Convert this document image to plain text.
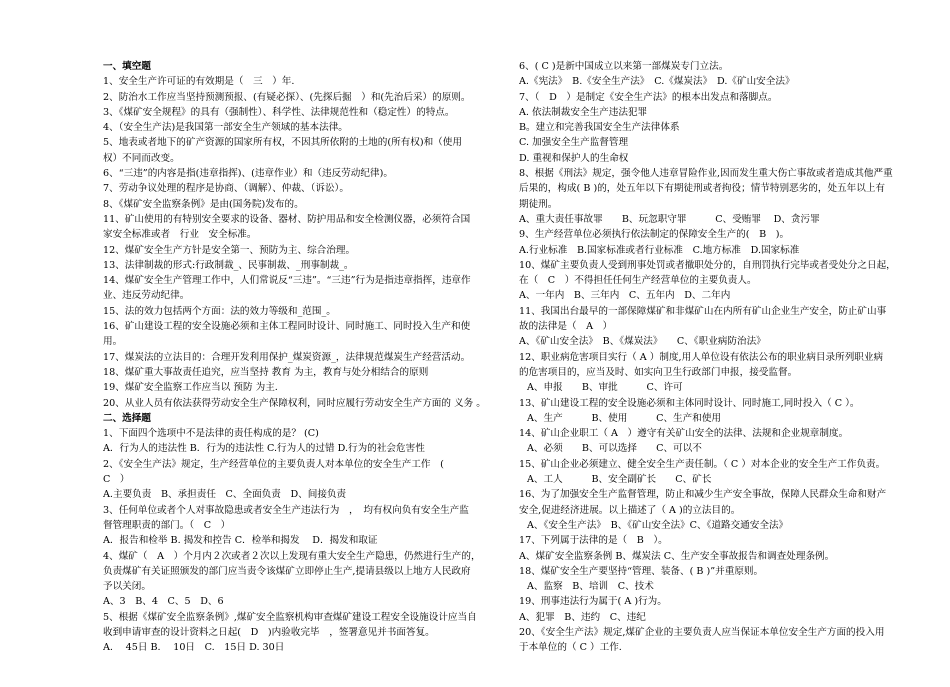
一、填空题
1、安全生产许可证的有效期是（　三　）年.
2、防治水工作应当坚持预测预报、(有疑必探）、(先探后掘　）和(先治后采）的原则。
3、《煤矿安全规程》的具有（强制性）、科学性、法律规范性和（稳定性）的特点。
4、（安全生产法)是我国第一部安全生产领域的基本法律。
5、地表或者地下的矿产资源的国家所有权，不因其所依附的土地的(所有权)和（使用
权）不同而改变。
6、“三违”的内容是指(违章指挥)、(违章作业）和（违反劳动纪律)。
7、劳动争议处理的程序是协商、（调解）、仲裁、（诉讼）。
8、《煤矿安全监察条例》是由(国务院)发布的。
11、矿山使用的有特别安全要求的设备、器材、防护用品和安全检测仪器，必须符合国
家安全标准或者　行业　安全标准。
12、煤矿安全生产方针是安全第一、预防为主、综合治理。
13、法律制裁的形式:行政制裁_、民事制裁、_刑事制裁_。
14、煤矿安全生产管理工作中，人们常说反“三违”。“三违”行为是指违章指挥，违章作
业、违反劳动纪律。
15、法的效力包括两个方面：法的效力等级和_范围_。
16、矿山建设工程的安全设施必须和主体工程同时设计、同时施工、同时投入生产和使
用。
17、煤炭法的立法目的：合理开发利用保护_煤炭资源_，法律规范煤炭生产经营活动。
18、煤矿重大事故责任追究，应当坚持 教育 为主，教育与处分相结合的原则
19、煤矿安全监察工作应当以 预防 为主.
20、从业人员有依法获得劳动安全生产保障权利，同时应履行劳动安全生产方面的 义务 。
二、选择题
1、下面四个选项中不是法律的责任构成的是？ (C)
A．行为人的违法性 B．行为的违法性 C.行为人的过错 D.行为的社会危害性
2、《安全生产法》规定，生产经营单位的主要负责人对本单位的安全生产工作　(
C　）
A.主要负责　B、承担责任　C、全面负责　D、间接负责
3、任何单位或者个人对事故隐患或者安全生产违法行为　，　均有权向负有安全生产监
督管理职责的部门。（　C　）
A．报告和检举 B. 揭发和控告 C．检举和揭发　 D．揭发和取证
4、煤矿（　A　）个月内２次或者２次以上发现有重大安全生产隐患，仍然进行生产的，
负责煤矿有关证照颁发的部门应当责令该煤矿立即停止生产,提请县级以上地方人民政府
予以关闭。
A、3　B、4　C、5　D、6
5、根据《煤矿安全监察条例》,煤矿安全监察机构审查煤矿建设工程安全设施设计应当自
收到申请审查的设计资料之日起(　D　)内验收完毕　，签署意见并书面答复。
A.　 45日 B.　 10日　C.　15日 D. 30日
6、( C )是新中国成立以来第一部煤炭专门立法。
A.《宪法》　B.《安全生产法》　C.《煤炭法》　D.《矿山安全法》
7、（　D　）是制定《安全生产法》的根本出发点和落脚点。
A. 依法制裁安全生产违法犯罪
B。建立和完善我国安全生产法律体系
C. 加强安全生产监督管理
D. 重视和保护人的生命权
8、根据《刑法》规定，强令他人违章冒险作业,因而发生重大伤亡事故或者造成其他严重
后果的，构成( B )的，处五年以下有期徒刑或者拘役；情节特别恶劣的，处五年以上有
期徒刑。
A、重大责任事故罪　　B、玩忽职守罪　　　C、受贿罪　 D、贪污罪
9、生产经营单位必须执行依法制定的保障安全生产的(　B　)。
A.行业标准　B.国家标准或者行业标准　C.地方标准　D.国家标准
10、煤矿主要负责人受到刑事处罚或者撤职处分的，自刑罚执行完毕或者受处分之日起，
在（　C　）不得担任任何生产经营单位的主要负责人。
A、一年内　B、三年内　C、五年内　D、二年内
11、我国出台最早的一部保障煤矿和非煤矿山在内所有矿山企业生产安全，防止矿山事
故的法律是（　A　）
A、《矿山安全法》　B、《煤炭法》　　C、《职业病防治法》
12、职业病危害项目实行（ A ）制度,用人单位设有依法公布的职业病目录所列职业病
的危害项目的，应当及时、如实向卫生行政部门申报，接受监督。
A、申报　　B、审批　　　C、许可
13、矿山建设工程的安全设施必须和主体同时设计、同时施工,同时投入（ C ）。
A、生产　　　B、使用　　　C、生产和使用
14、矿山企业职工（ A　）遵守有关矿山安全的法律、法规和企业规章制度。
A、必须　　B、可以选择　　C、可以不
15、矿山企业必须建立、健全安全生产责任制。（ C ）对本企业的安全生产工作负责。
A、工人　　　B、安全副矿长　　C、矿长
16、为了加强安全生产监督管理，防止和减少生产安全事故，保障人民群众生命和财产
安全,促进经济进展。以上描述了（ A )的立法目的。
A、《安全生产法》　B、《矿山安全法》C、《道路交通安全法》
17、下列属于法律的是（　B　）。
A、煤矿安全监察条例 B、煤炭法 C、生产安全事故报告和调查处理条例。
18、煤矿安全生产要坚持“管理、装备、( B )”并重原则。
A、监察　B、培训　C、技术
19、刑事违法行为属于( A )行为。
A、犯罪　B、违约　C、违纪
20、《安全生产法》规定,煤矿企业的主要负责人应当保证本单位安全生产方面的投入用
于本单位的（ C ）工作.
